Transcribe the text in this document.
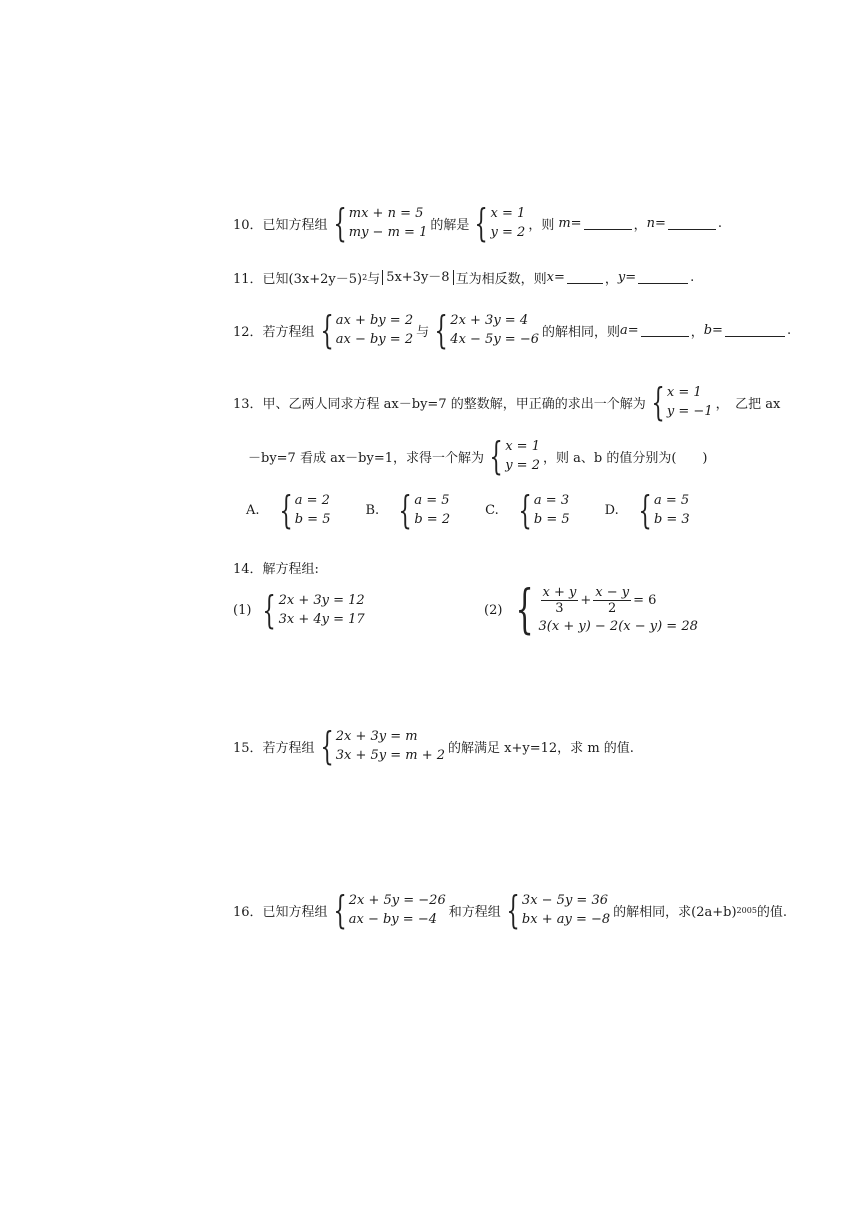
10． 已知方程组 { mx + n = 5
my − m = 1 的解是 { x = 1
y = 2 ，则 m =	， n =	.
11． 已知(3x+2y－5) 2 与 5x+3y－8 互为相反数，则 x =	， y =	.
12． 若方程组 { ax + by = 2
ax − by = 2 与 { 2x + 3y = 4
4x − 5y = −6 的解相同，则 a =	， b =	.
13． 甲、乙两人同求方程 ax－by=7 的整数解，甲正确的求出一个解为 { x = 1
y = −1 ，　乙把 ax
－by=7 看成 ax－by=1，求得一个解为 { x = 1
y = 2 ，则 a、b 的值分别为(　　)
A. { a = 2
b = 5
B. { a = 5
b = 2
C. { a = 3
b = 5
D. { a = 5
b = 3
14． 解方程组:
(1) { 2x + 3y = 12
3x + 4y = 17
(2) { $\frac{x + y}{3} + \frac{x - y}{2} = 6$
3(x + y) − 2(x − y) = 28
15． 若方程组 { 2x + 3y = m
3x + 5y = m + 2 的解满足 x+y=12，求 m 的值.
16． 已知方程组 { 2x + 5y = −26
ax − by = −4 和方程组 { 3x − 5y = 36
bx + ay = −8 的解相同，求(2a+b) 2005 的值.
